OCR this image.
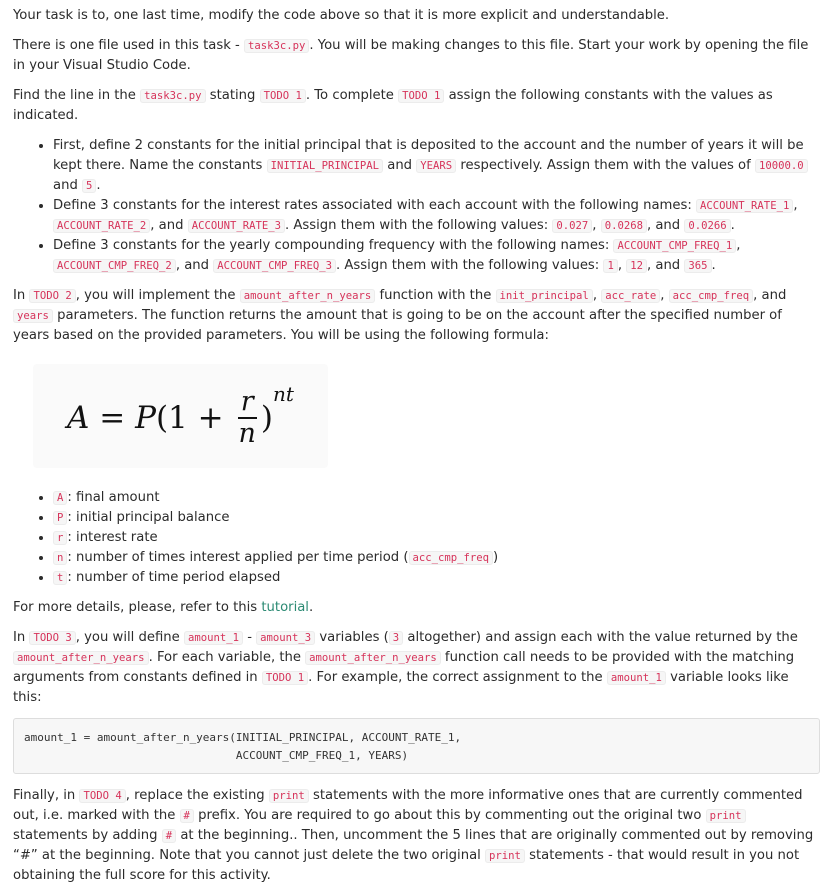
Your task is to, one last time, modify the code above so that it is more explicit and understandable.

There is one file used in this task - task3c.py . You will be making changes to this file. Start your work by opening the file in your Visual Studio Code.

Find the line in the task3c.py stating TODO 1 . To complete TODO 1 assign the following constants with the values as indicated.

• First, define 2 constants for the initial principal that is deposited to the account and the number of years it will be kept there. Name the constants INITIAL_PRINCIPAL and YEARS respectively. Assign them with the values of 10000.0 and 5 .
• Define 3 constants for the interest rates associated with each account with the following names: ACCOUNT_RATE_1 , ACCOUNT_RATE_2 , and ACCOUNT_RATE_3 . Assign them with the following values: 0.027 , 0.0268 , and 0.0266 .
• Define 3 constants for the yearly compounding frequency with the following names: ACCOUNT_CMP_FREQ_1 , ACCOUNT_CMP_FREQ_2 , and ACCOUNT_CMP_FREQ_3 . Assign them with the following values: 1 , 12 , and 365 .

In TODO 2 , you will implement the amount_after_n_years function with the init_principal , acc_rate , acc_cmp_freq , and years parameters. The function returns the amount that is going to be on the account after the specified number of years based on the provided parameters. You will be using the following formula:

A
=
P (1
+
$\frac{r}{n}$ )
nt
• A : final amount
• P : initial principal balance
• r : interest rate
• n : number of times interest applied per time period ( acc_cmp_freq )
• t : number of time period elapsed

For more details, please, refer to this tutorial.

In TODO 3 , you will define amount_1 - amount_3 variables ( 3 altogether) and assign each with the value returned by the amount_after_n_years . For each variable, the amount_after_n_years function call needs to be provided with the matching arguments from constants defined in TODO 1 . For example, the correct assignment to the amount_1 variable looks like this:

amount_1 = amount_after_n_years(INITIAL_PRINCIPAL, ACCOUNT_RATE_1,
ACCOUNT_CMP_FREQ_1, YEARS)

Finally, in TODO 4 , replace the existing print statements with the more informative ones that are currently commented out, i.e. marked with the # prefix. You are required to go about this by commenting out the original two print statements by adding # at the beginning.. Then, uncomment the 5 lines that are originally commented out by removing “#” at the beginning. Note that you cannot just delete the two original print statements - that would result in you not obtaining the full score for this activity.
